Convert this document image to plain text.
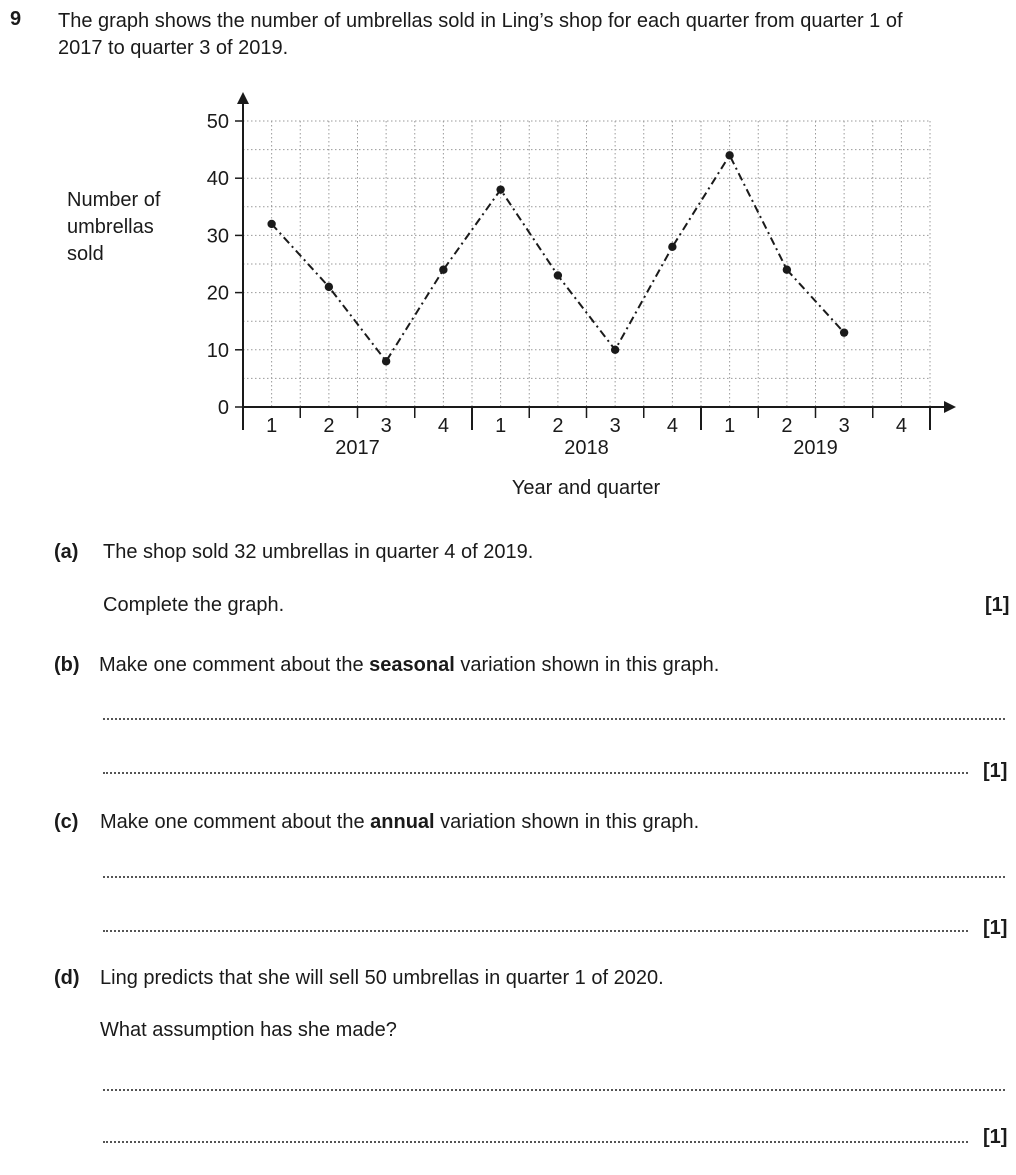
9 The graph shows the number of umbrellas sold in Ling’s shop for each quarter from quarter 1 of
2017 to quarter 3 of 2019.
Number of
umbrellas
sold
0
10
20
30
40
50
1 2 3 4 1 2 3 4 1 2 3 4
2017	2018	2019
Year and quarter
(a) The shop sold 32 umbrellas in quarter 4 of 2019.
Complete the graph.	[1]
(b) Make one comment about the seasonal variation shown in this graph.
[1]
(c) Make one comment about the annual variation shown in this graph.
[1]
(d) Ling predicts that she will sell 50 umbrellas in quarter 1 of 2020.
What assumption has she made?
[1]
